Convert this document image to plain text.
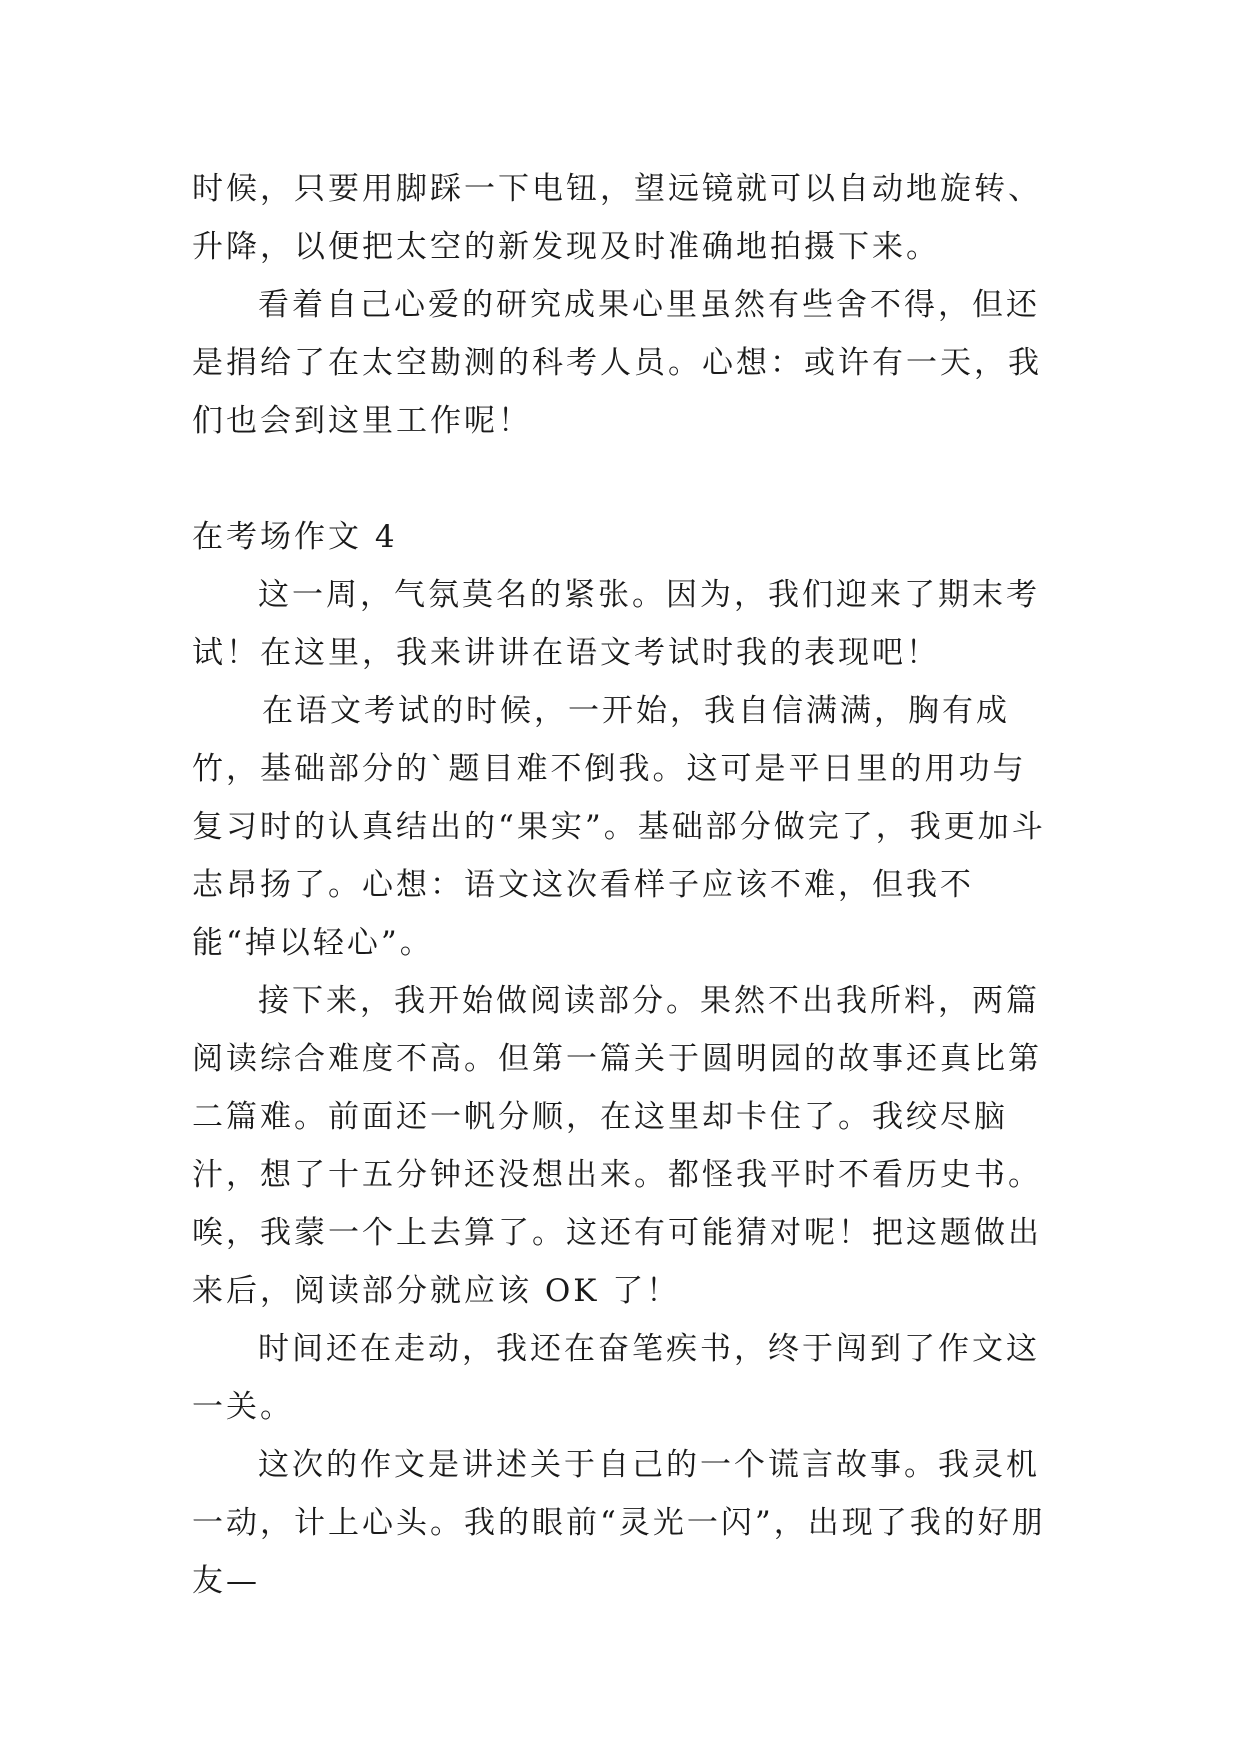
时候，只要用脚踩一下电钮，望远镜就可以自动地旋转、升降，以便把太空的新发现及时准确地拍摄下来。

看着自己心爱的研究成果心里虽然有些舍不得，但还是捐给了在太空勘测的科考人员。心想：或许有一天，我们也会到这里工作呢！

在考场作文 4

这一周，气氛莫名的紧张。因为，我们迎来了期末考试！在这里，我来讲讲在语文考试时我的表现吧！

在语文考试的时候，一开始，我自信满满，胸有成竹，基础部分的`题目难不倒我。这可是平日里的用功与复习时的认真结出的“果实”。基础部分做完了，我更加斗志昂扬了。心想：语文这次看样子应该不难，但我不能“掉以轻心”。

接下来，我开始做阅读部分。果然不出我所料，两篇阅读综合难度不高。但第一篇关于圆明园的故事还真比第二篇难。前面还一帆分顺，在这里却卡住了。我绞尽脑汁，想了十五分钟还没想出来。都怪我平时不看历史书。唉，我蒙一个上去算了。这还有可能猜对呢！把这题做出来后，阅读部分就应该 OK 了！

时间还在走动，我还在奋笔疾书，终于闯到了作文这一关。

这次的作文是讲述关于自己的一个谎言故事。我灵机一动，计上心头。我的眼前“灵光一闪”，出现了我的好朋友—
